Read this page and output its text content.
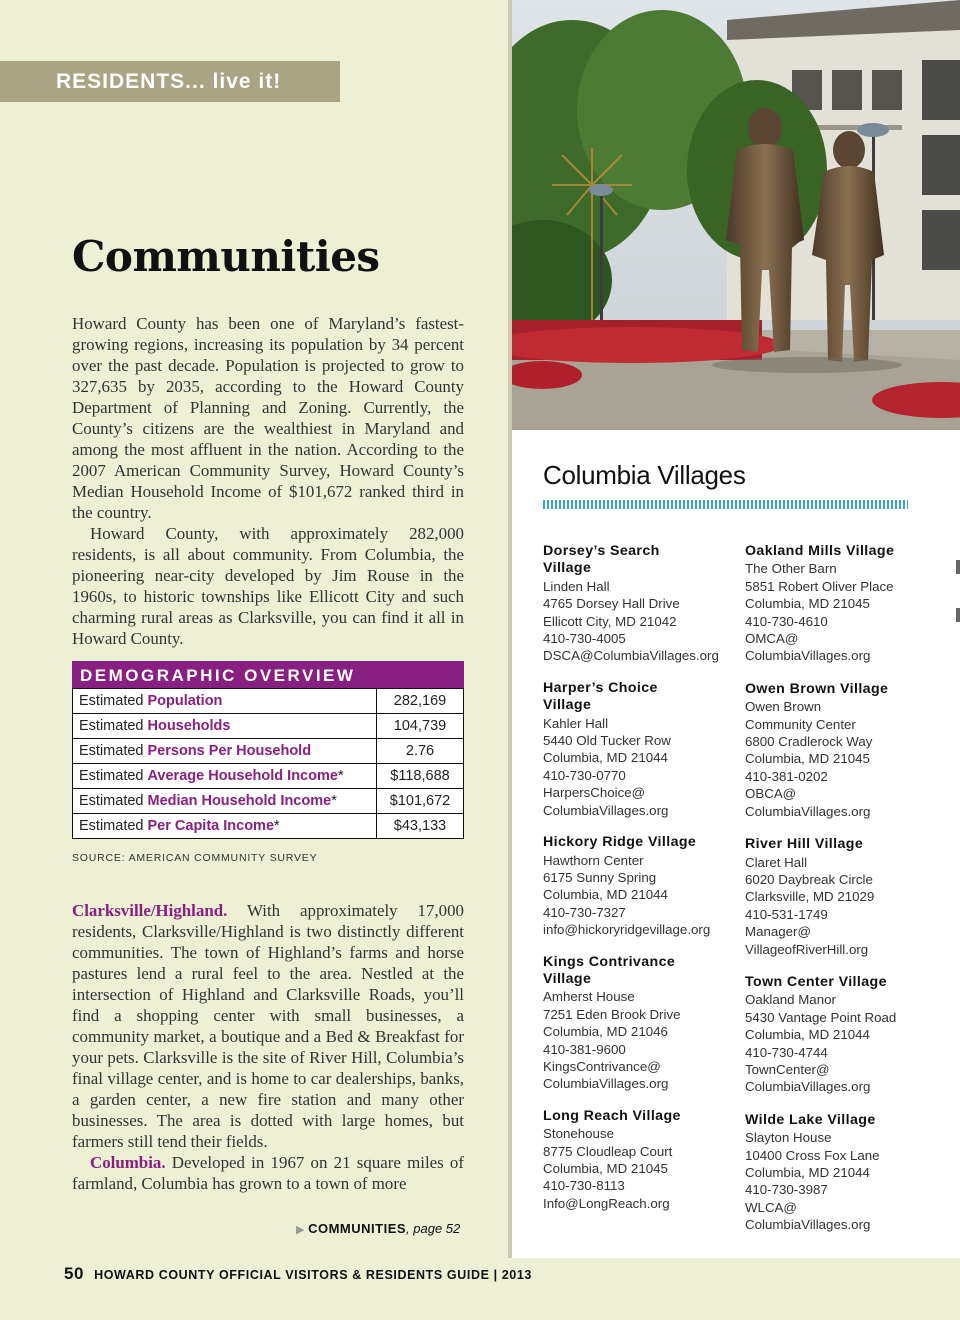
RESIDENTS... live it!
Communities

Howard County has been one of Maryland’s fastest-growing regions, increasing its population by 34 percent over the past decade. Population is projected to grow to 327,635 by 2035, according to the Howard County Department of Planning and Zoning. Currently, the County’s citizens are the wealthiest in Maryland and among the most affluent in the nation. According to the 2007 American Community Survey, Howard County’s Median Household Income of $101,672 ranked third in the country.

Howard County, with approximately 282,000 residents, is all about community. From Columbia, the pioneering near-city developed by Jim Rouse in the 1960s, to historic townships like Ellicott City and such charming rural areas as Clarksville, you can find it all in Howard County.

DEMOGRAPHIC OVERVIEW
Estimated Population	282,169
Estimated Households	104,739
Estimated Persons Per Household	2.76
Estimated Average Household Income*	$118,688
Estimated Median Household Income*	$101,672
Estimated Per Capita Income*	$43,133
SOURCE: AMERICAN COMMUNITY SURVEY

Clarksville/Highland. With approximately 17,000 residents, Clarksville/Highland is two distinctly different communities. The town of Highland’s farms and horse pastures lend a rural feel to the area. Nestled at the intersection of Highland and Clarksville Roads, you’ll find a shopping center with small businesses, a community market, a boutique and a Bed & Breakfast for your pets. Clarksville is the site of River Hill, Columbia’s final village center, and is home to car dealerships, banks, a garden center, a new fire station and many other businesses. The area is dotted with large homes, but farmers still tend their fields.

Columbia. Developed in 1967 on 21 square miles of farmland, Columbia has grown to a town of more

▶ COMMUNITIES, page 52
50 HOWARD COUNTY OFFICIAL VISITORS & RESIDENTS GUIDE | 2013
Columbia Villages
Dorsey’s Search
Village
Linden Hall
4765 Dorsey Hall Drive
Ellicott City, MD 21042
410-730-4005
DSCA@ColumbiaVillages.org
Harper’s Choice
Village
Kahler Hall
5440 Old Tucker Row
Columbia, MD 21044
410-730-0770
HarpersChoice@
ColumbiaVillages.org
Hickory Ridge Village
Hawthorn Center
6175 Sunny Spring
Columbia, MD 21044
410-730-7327
info@hickoryridgevillage.org
Kings Contrivance
Village
Amherst House
7251 Eden Brook Drive
Columbia, MD 21046
410-381-9600
KingsContrivance@
ColumbiaVillages.org
Long Reach Village
Stonehouse
8775 Cloudleap Court
Columbia, MD 21045
410-730-8113
Info@LongReach.org
Oakland Mills Village
The Other Barn
5851 Robert Oliver Place
Columbia, MD 21045
410-730-4610
OMCA@
ColumbiaVillages.org
Owen Brown Village
Owen Brown
Community Center
6800 Cradlerock Way
Columbia, MD 21045
410-381-0202
OBCA@
ColumbiaVillages.org
River Hill Village
Claret Hall
6020 Daybreak Circle
Clarksville, MD 21029
410-531-1749
Manager@
VillageofRiverHill.org
Town Center Village
Oakland Manor
5430 Vantage Point Road
Columbia, MD 21044
410-730-4744
TownCenter@
ColumbiaVillages.org
Wilde Lake Village
Slayton House
10400 Cross Fox Lane
Columbia, MD 21044
410-730-3987
WLCA@
ColumbiaVillages.org
